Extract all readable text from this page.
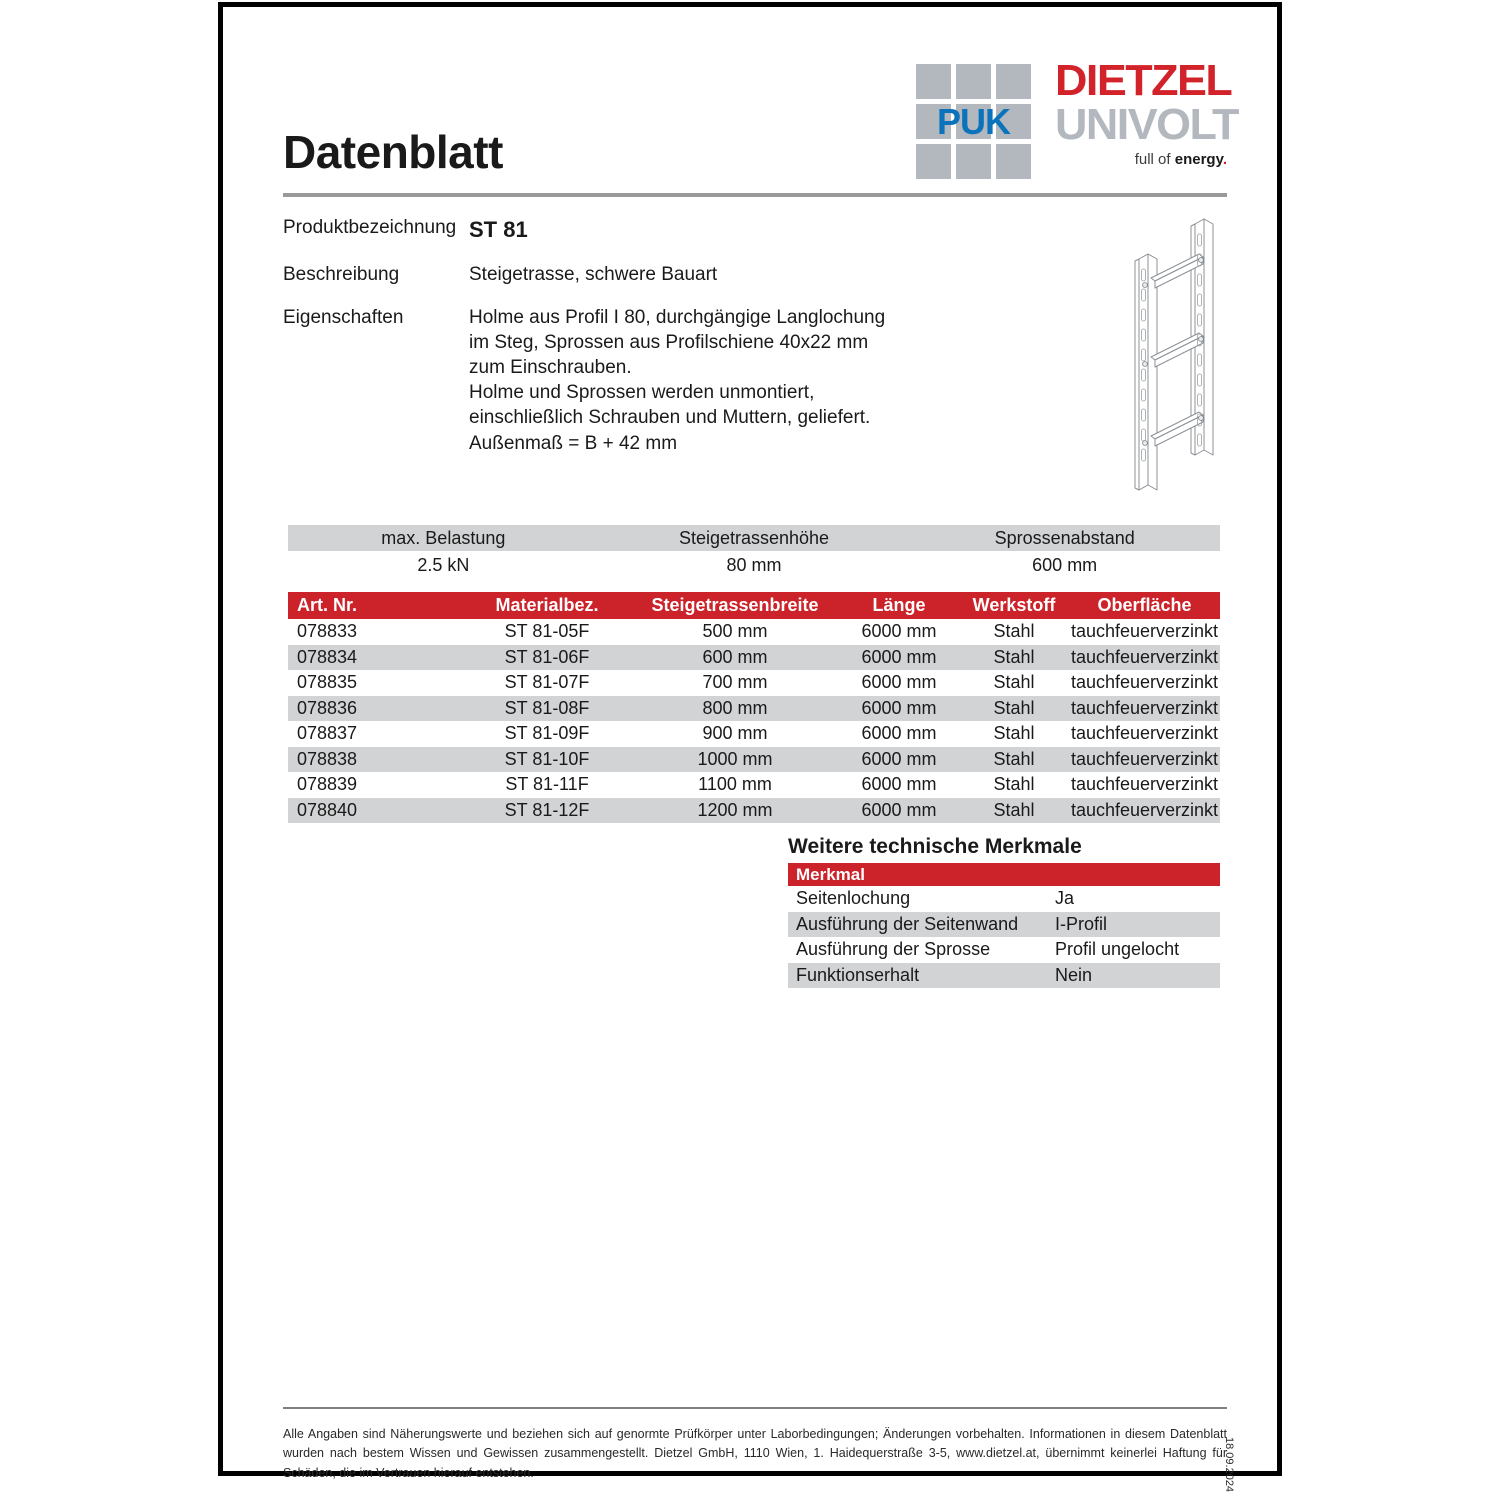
Datenblatt
PUK
DIETZEL
UNIVOLT
full of energy.
Produktbezeichnung ST 81
Beschreibung	Steigetrasse, schwere Bauart
Eigenschaften	Holme aus Profil I 80, durchgängige Langlochung

im Steg, Sprossen aus Profilschiene 40x22 mm

zum Einschrauben.

Holme und Sprossen werden unmontiert,

einschließlich Schrauben und Muttern, geliefert.

Außenmaß = B + 42 mm

max. Belastung	Steigetrassenhöhe	Sprossenabstand
2.5 kN	80 mm	600 mm
Art. Nr.	Materialbez.	Steigetrassenbreite	Länge	Werkstoff	Oberfläche
078833	ST 81-05F	500 mm	6000 mm	Stahl	tauchfeuerverzinkt
078834	ST 81-06F	600 mm	6000 mm	Stahl	tauchfeuerverzinkt
078835	ST 81-07F	700 mm	6000 mm	Stahl	tauchfeuerverzinkt
078836	ST 81-08F	800 mm	6000 mm	Stahl	tauchfeuerverzinkt
078837	ST 81-09F	900 mm	6000 mm	Stahl	tauchfeuerverzinkt
078838	ST 81-10F	1000 mm	6000 mm	Stahl	tauchfeuerverzinkt
078839	ST 81-11F	1100 mm	6000 mm	Stahl	tauchfeuerverzinkt
078840	ST 81-12F	1200 mm	6000 mm	Stahl	tauchfeuerverzinkt
Weitere technische Merkmale
Merkmal	
Seitenlochung	Ja
Ausführung der Seitenwand	I-Profil
Ausführung der Sprosse	Profil ungelocht
Funktionserhalt	Nein
Alle Angaben sind Näherungswerte und beziehen sich auf genormte Prüfkörper unter Laborbedingungen; Änderungen vorbehalten. Informationen in diesem Datenblatt wurden nach bestem Wissen und Gewissen zusammengestellt. Dietzel GmbH, 1110 Wien, 1. Haidequerstraße 3-5, www.dietzel.at, übernimmt keinerlei Haftung für Schäden, die im Vertrauen hierauf entstehen.	18.09.2024
